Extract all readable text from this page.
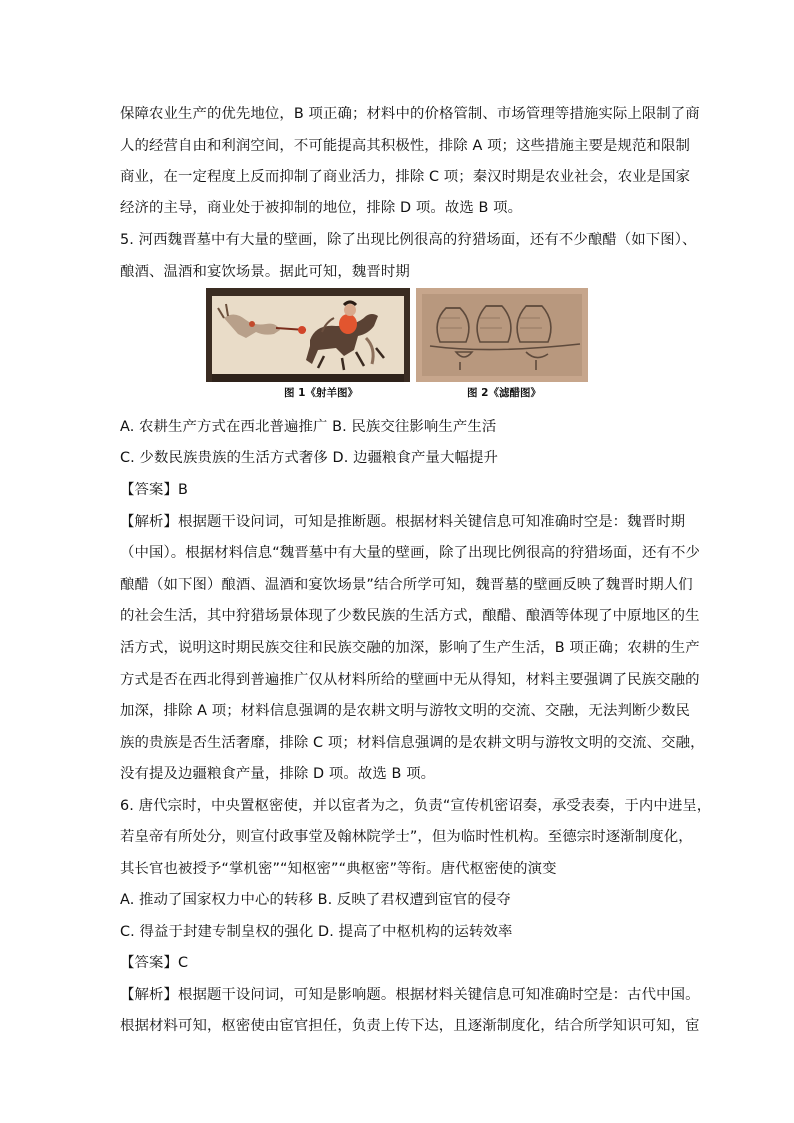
保障农业生产的优先地位，B 项正确；材料中的价格管制、市场管理等措施实际上限制了商
人的经营自由和利润空间，不可能提高其积极性，排除 A 项；这些措施主要是规范和限制
商业，在一定程度上反而抑制了商业活力，排除 C 项；秦汉时期是农业社会，农业是国家
经济的主导，商业处于被抑制的地位，排除 D 项。故选 B 项。
5. 河西魏晋墓中有大量的壁画，除了出现比例很高的狩猎场面，还有不少酿醋（如下图）、
酿酒、温酒和宴饮场景。据此可知，魏晋时期
图 1《射羊图》	图 2《滤醋图》
A. 农耕生产方式在西北普遍推广 B. 民族交往影响生产生活
C. 少数民族贵族的生活方式奢侈 D. 边疆粮食产量大幅提升
【答案】B
【解析】根据题干设问词，可知是推断题。根据材料关键信息可知准确时空是：魏晋时期
（中国）。根据材料信息“魏晋墓中有大量的壁画，除了出现比例很高的狩猎场面，还有不少
酿醋（如下图）酿酒、温酒和宴饮场景”结合所学可知，魏晋墓的壁画反映了魏晋时期人们
的社会生活，其中狩猎场景体现了少数民族的生活方式，酿醋、酿酒等体现了中原地区的生
活方式，说明这时期民族交往和民族交融的加深，影响了生产生活，B 项正确；农耕的生产
方式是否在西北得到普遍推广仅从材料所给的壁画中无从得知，材料主要强调了民族交融的
加深，排除 A 项；材料信息强调的是农耕文明与游牧文明的交流、交融，无法判断少数民
族的贵族是否生活奢靡，排除 C 项；材料信息强调的是农耕文明与游牧文明的交流、交融，
没有提及边疆粮食产量，排除 D 项。故选 B 项。
6. 唐代宗时，中央置枢密使，并以宦者为之，负责“宣传机密诏奏，承受表奏，于内中进呈，
若皇帝有所处分，则宣付政事堂及翰林院学士”，但为临时性机构。至德宗时逐渐制度化，
其长官也被授予“掌机密”“知枢密”“典枢密”等衔。唐代枢密使的演变
A. 推动了国家权力中心的转移 B. 反映了君权遭到宦官的侵夺
C. 得益于封建专制皇权的强化 D. 提高了中枢机构的运转效率
【答案】C
【解析】根据题干设问词，可知是影响题。根据材料关键信息可知准确时空是：古代中国。
根据材料可知，枢密使由宦官担任，负责上传下达，且逐渐制度化，结合所学知识可知，宦
